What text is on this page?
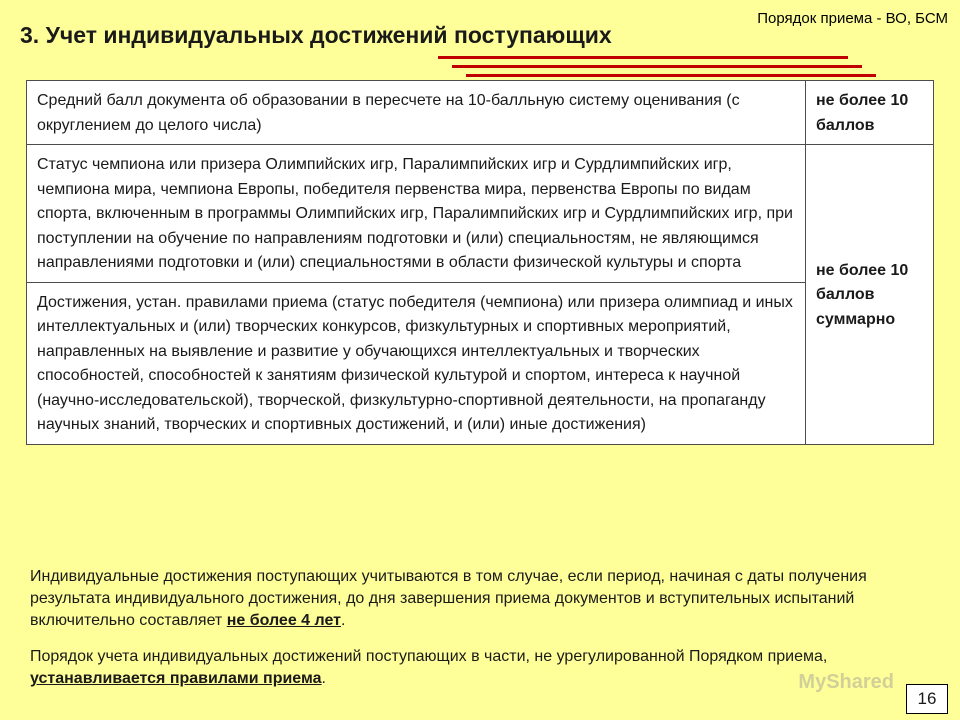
Порядок приема - ВО, БСМ
3. Учет индивидуальных достижений поступающих
Средний балл документа об образовании в пересчете на 10-балльную систему оценивания (с округлением до целого числа)	не более 10 баллов
Статус чемпиона или призера Олимпийских игр, Паралимпийских игр и Сурдлимпийских игр, чемпиона мира, чемпиона Европы, победителя первенства мира, первенства Европы по видам спорта, включенным в программы Олимпийских игр, Паралимпийских игр и Сурдлимпийских игр, при поступлении на обучение по направлениям подготовки и (или) специальностям, не являющимся направлениями подготовки и (или) специальностями в области физической культуры и спорта	не более 10 баллов суммарно
Достижения, устан. правилами приема (статус победителя (чемпиона) или призера олимпиад и иных интеллектуальных и (или) творческих конкурсов, физкультурных и спортивных мероприятий, направленных на выявление и развитие у обучающихся интеллектуальных и творческих способностей, способностей к занятиям физической культурой и спортом, интереса к научной (научно-исследовательской), творческой, физкультурно-спортивной деятельности, на пропаганду научных знаний, творческих и спортивных достижений, и (или) иные достижения)	

Индивидуальные достижения поступающих учитываются в том случае, если период, начиная с даты получения результата индивидуального достижения, до дня завершения приема документов и вступительных испытаний включительно составляет не более 4 лет.

Порядок учета индивидуальных достижений поступающих в части, не урегулированной Порядком приема, устанавливается правилами приема.	MyShared
16
